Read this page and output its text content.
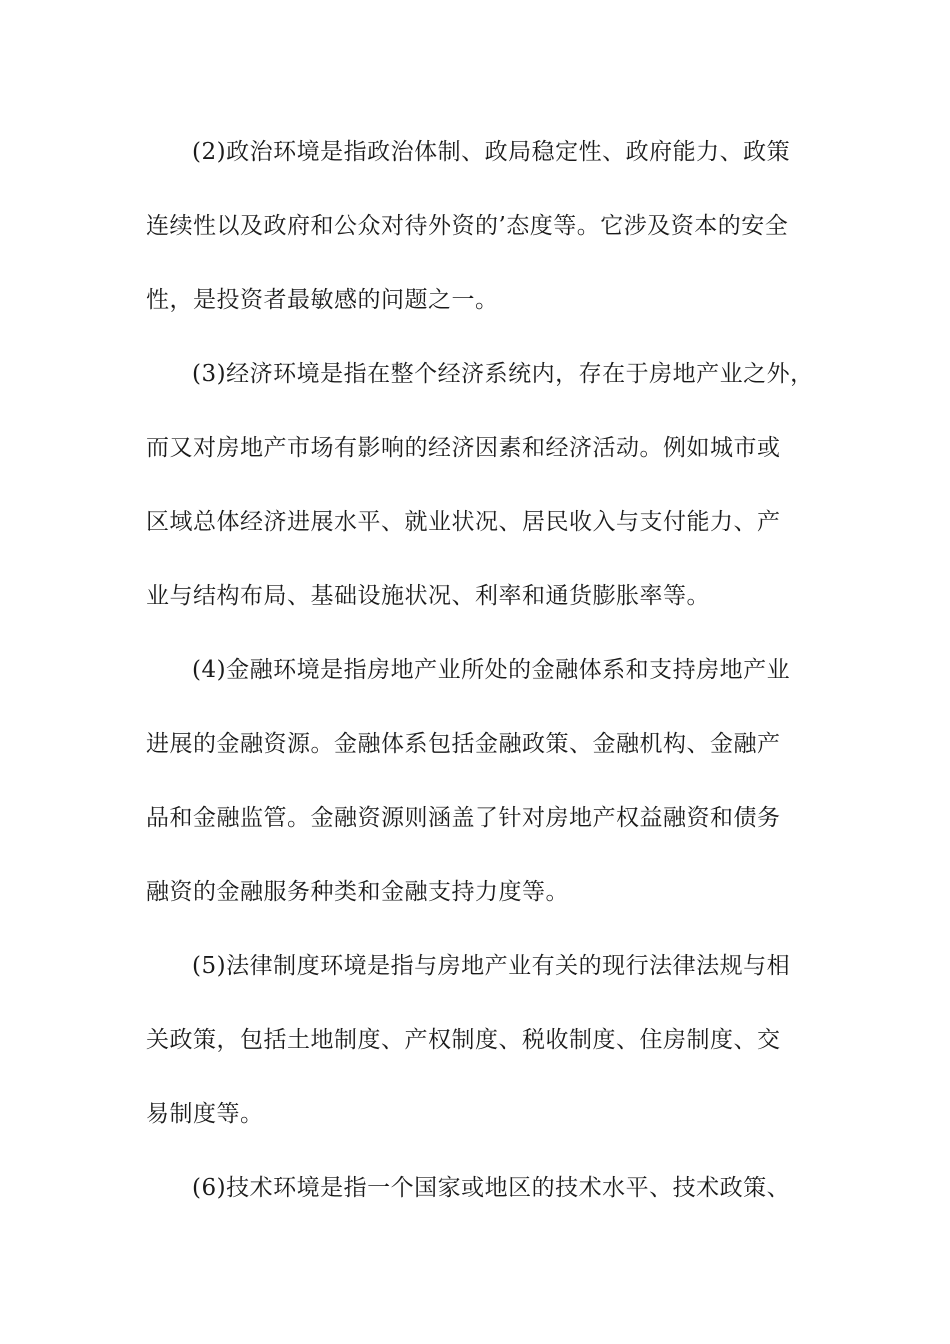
(2)政治环境是指政治体制、政局稳定性、政府能力、政策
连续性以及政府和公众对待外资的’态度等。它涉及资本的安全
性，是投资者最敏感的问题之一。
(3)经济环境是指在整个经济系统内，存在于房地产业之外，
而又对房地产市场有影响的经济因素和经济活动。例如城市或
区域总体经济进展水平、就业状况、居民收入与支付能力、产
业与结构布局、基础设施状况、利率和通货膨胀率等。
(4)金融环境是指房地产业所处的金融体系和支持房地产业
进展的金融资源。金融体系包括金融政策、金融机构、金融产
品和金融监管。金融资源则涵盖了针对房地产权益融资和债务
融资的金融服务种类和金融支持力度等。
(5)法律制度环境是指与房地产业有关的现行法律法规与相
关政策，包括土地制度、产权制度、税收制度、住房制度、交
易制度等。
(6)技术环境是指一个国家或地区的技术水平、技术政策、
